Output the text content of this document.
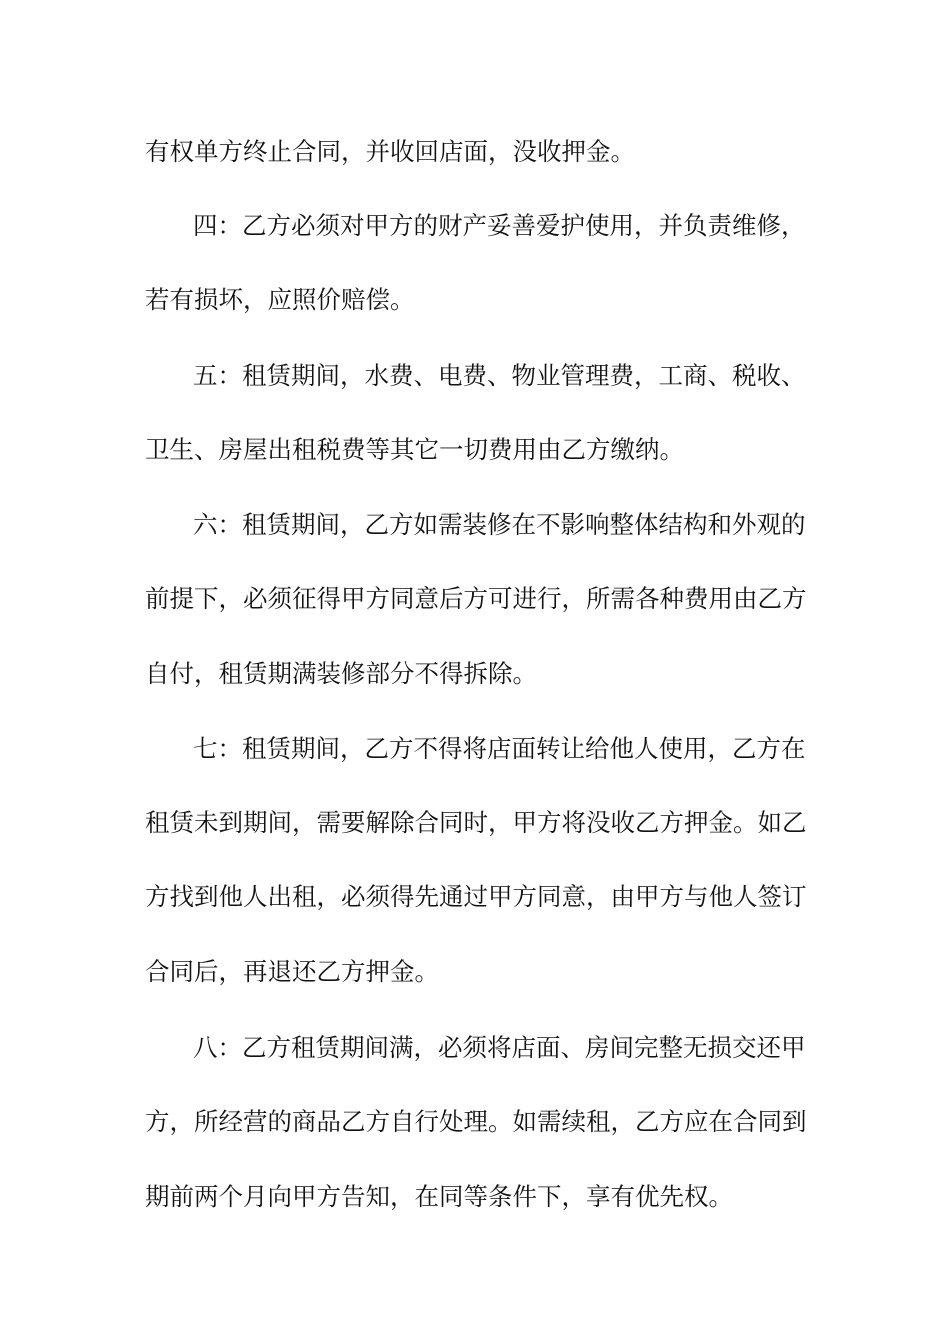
有权单方终止合同，并收回店面，没收押金。
四：乙方必须对甲方的财产妥善爱护使用，并负责维修，
若有损坏，应照价赔偿。
五：租赁期间，水费、电费、物业管理费，工商、税收、
卫生、房屋出租税费等其它一切费用由乙方缴纳。
六：租赁期间，乙方如需装修在不影响整体结构和外观的
前提下，必须征得甲方同意后方可进行，所需各种费用由乙方
自付，租赁期满装修部分不得拆除。
七：租赁期间，乙方不得将店面转让给他人使用，乙方在
租赁未到期间，需要解除合同时，甲方将没收乙方押金。如乙
方找到他人出租，必须得先通过甲方同意，由甲方与他人签订
合同后，再退还乙方押金。
八：乙方租赁期间满，必须将店面、房间完整无损交还甲
方，所经营的商品乙方自行处理。如需续租，乙方应在合同到
期前两个月向甲方告知，在同等条件下，享有优先权。
